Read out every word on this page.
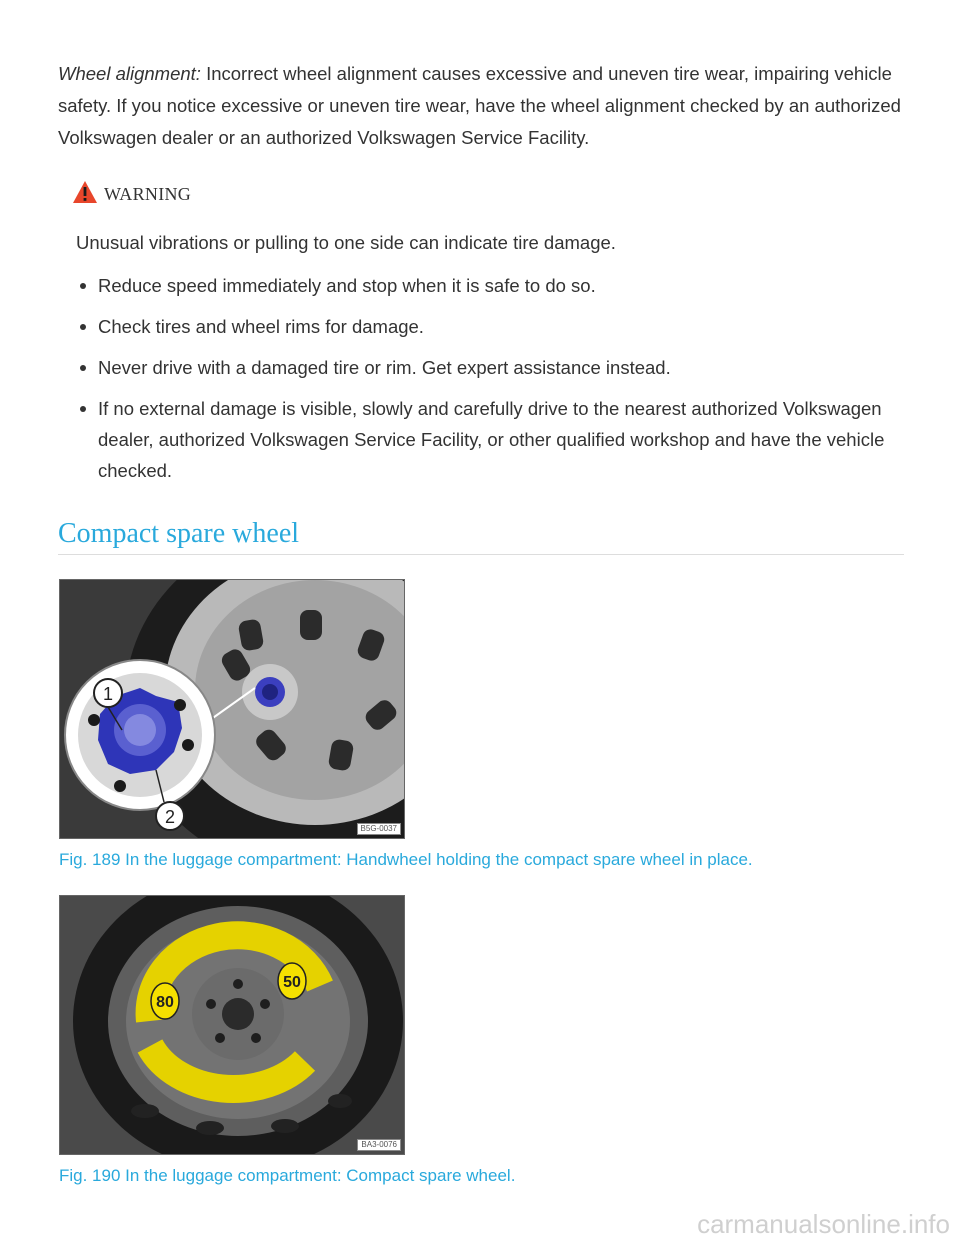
Wheel alignment: Incorrect wheel alignment causes excessive and uneven tire wear, impairing vehicle safety. If you notice excessive or uneven tire wear, have the wheel alignment checked by an authorized Volkswagen dealer or an authorized Volkswagen Service Facility.

WARNING

Unusual vibrations or pulling to one side can indicate tire damage.

Reduce speed immediately and stop when it is safe to do so.
Check tires and wheel rims for damage.
Never drive with a damaged tire or rim. Get expert assistance instead.
If no external damage is visible, slowly and carefully drive to the nearest authorized Volkswagen dealer, authorized Volkswagen Service Facility, or other qualified workshop and have the vehicle checked.
Compact spare wheel
1
2
B5G-0037

Fig. 189 In the luggage compartment: Handwheel holding the compact spare wheel in place.

80
50
BA3-0076

Fig. 190 In the luggage compartment: Compact spare wheel.

carmanualsonline.info
